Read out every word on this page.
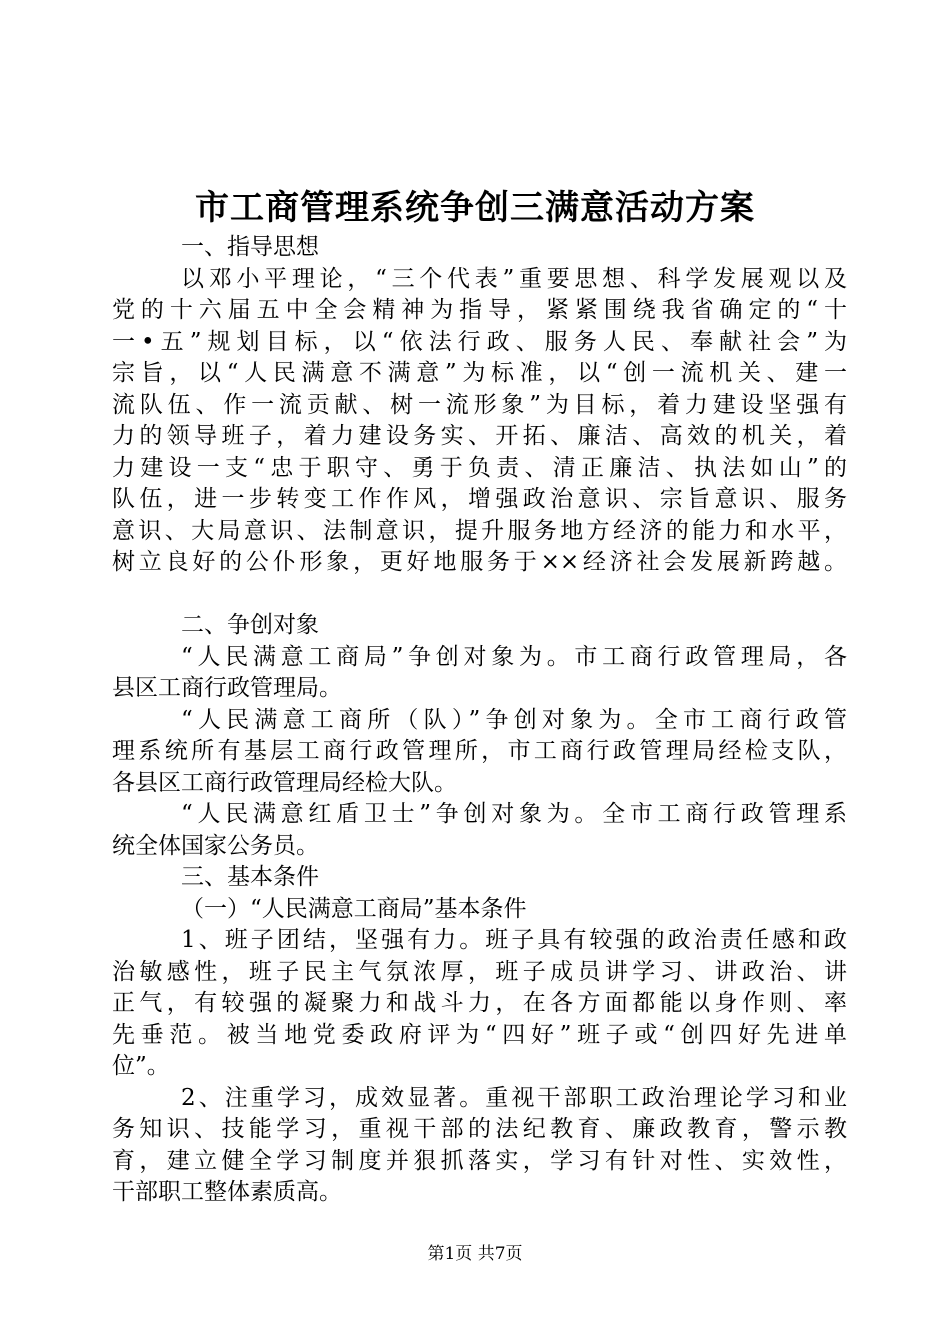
市工商管理系统争创三满意活动方案
一、指导思想
以邓小平理论，“三个代表”重要思想、科学发展观以及
党的十六届五中全会精神为指导，紧紧围绕我省确定的“十
一•五”规划目标，以“依法行政、服务人民、奉献社会”为
宗旨，以“人民满意不满意”为标准，以“创一流机关、建一
流队伍、作一流贡献、树一流形象”为目标，着力建设坚强有
力的领导班子，着力建设务实、开拓、廉洁、高效的机关，着
力建设一支“忠于职守、勇于负责、清正廉洁、执法如山”的
队伍，进一步转变工作作风，增强政治意识、宗旨意识、服务
意识、大局意识、法制意识，提升服务地方经济的能力和水平，
树立良好的公仆形象，更好地服务于××经济社会发展新跨越。
二、争创对象
“人民满意工商局”争创对象为。市工商行政管理局，各
县区工商行政管理局。
“人民满意工商所（队）”争创对象为。全市工商行政管
理系统所有基层工商行政管理所，市工商行政管理局经检支队，
各县区工商行政管理局经检大队。
“人民满意红盾卫士”争创对象为。全市工商行政管理系
统全体国家公务员。
三、基本条件
（一）“人民满意工商局”基本条件
1、班子团结，坚强有力。班子具有较强的政治责任感和政
治敏感性，班子民主气氛浓厚，班子成员讲学习、讲政治、讲
正气，有较强的凝聚力和战斗力，在各方面都能以身作则、率
先垂范。被当地党委政府评为“四好”班子或“创四好先进单
位”。
2、注重学习，成效显著。重视干部职工政治理论学习和业
务知识、技能学习，重视干部的法纪教育、廉政教育，警示教
育，建立健全学习制度并狠抓落实，学习有针对性、实效性，
干部职工整体素质高。
第1页 共7页
